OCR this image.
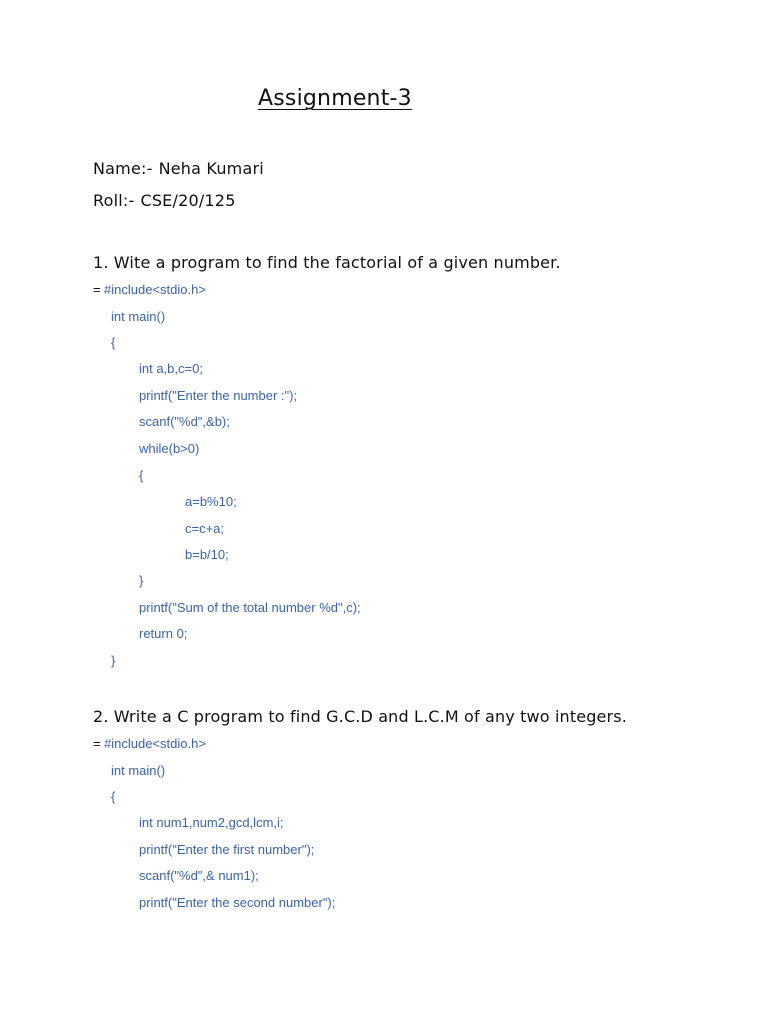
Assignment-3
Name:- Neha Kumari
Roll:- CSE/20/125
1. Wite a program to find the factorial of a given number.
= #include<stdio.h>
int main()
{
int a,b,c=0;
printf("Enter the number :");
scanf("%d",&b);
while(b>0)
{
a=b%10;
c=c+a;
b=b/10;
}
printf("Sum of the total number %d",c);
return 0;
}
2. Write a C program to find G.C.D and L.C.M of any two integers.
= #include<stdio.h>
int main()
{
int num1,num2,gcd,lcm,i;
printf("Enter the first number");
scanf("%d",& num1);
printf("Enter the second number");
